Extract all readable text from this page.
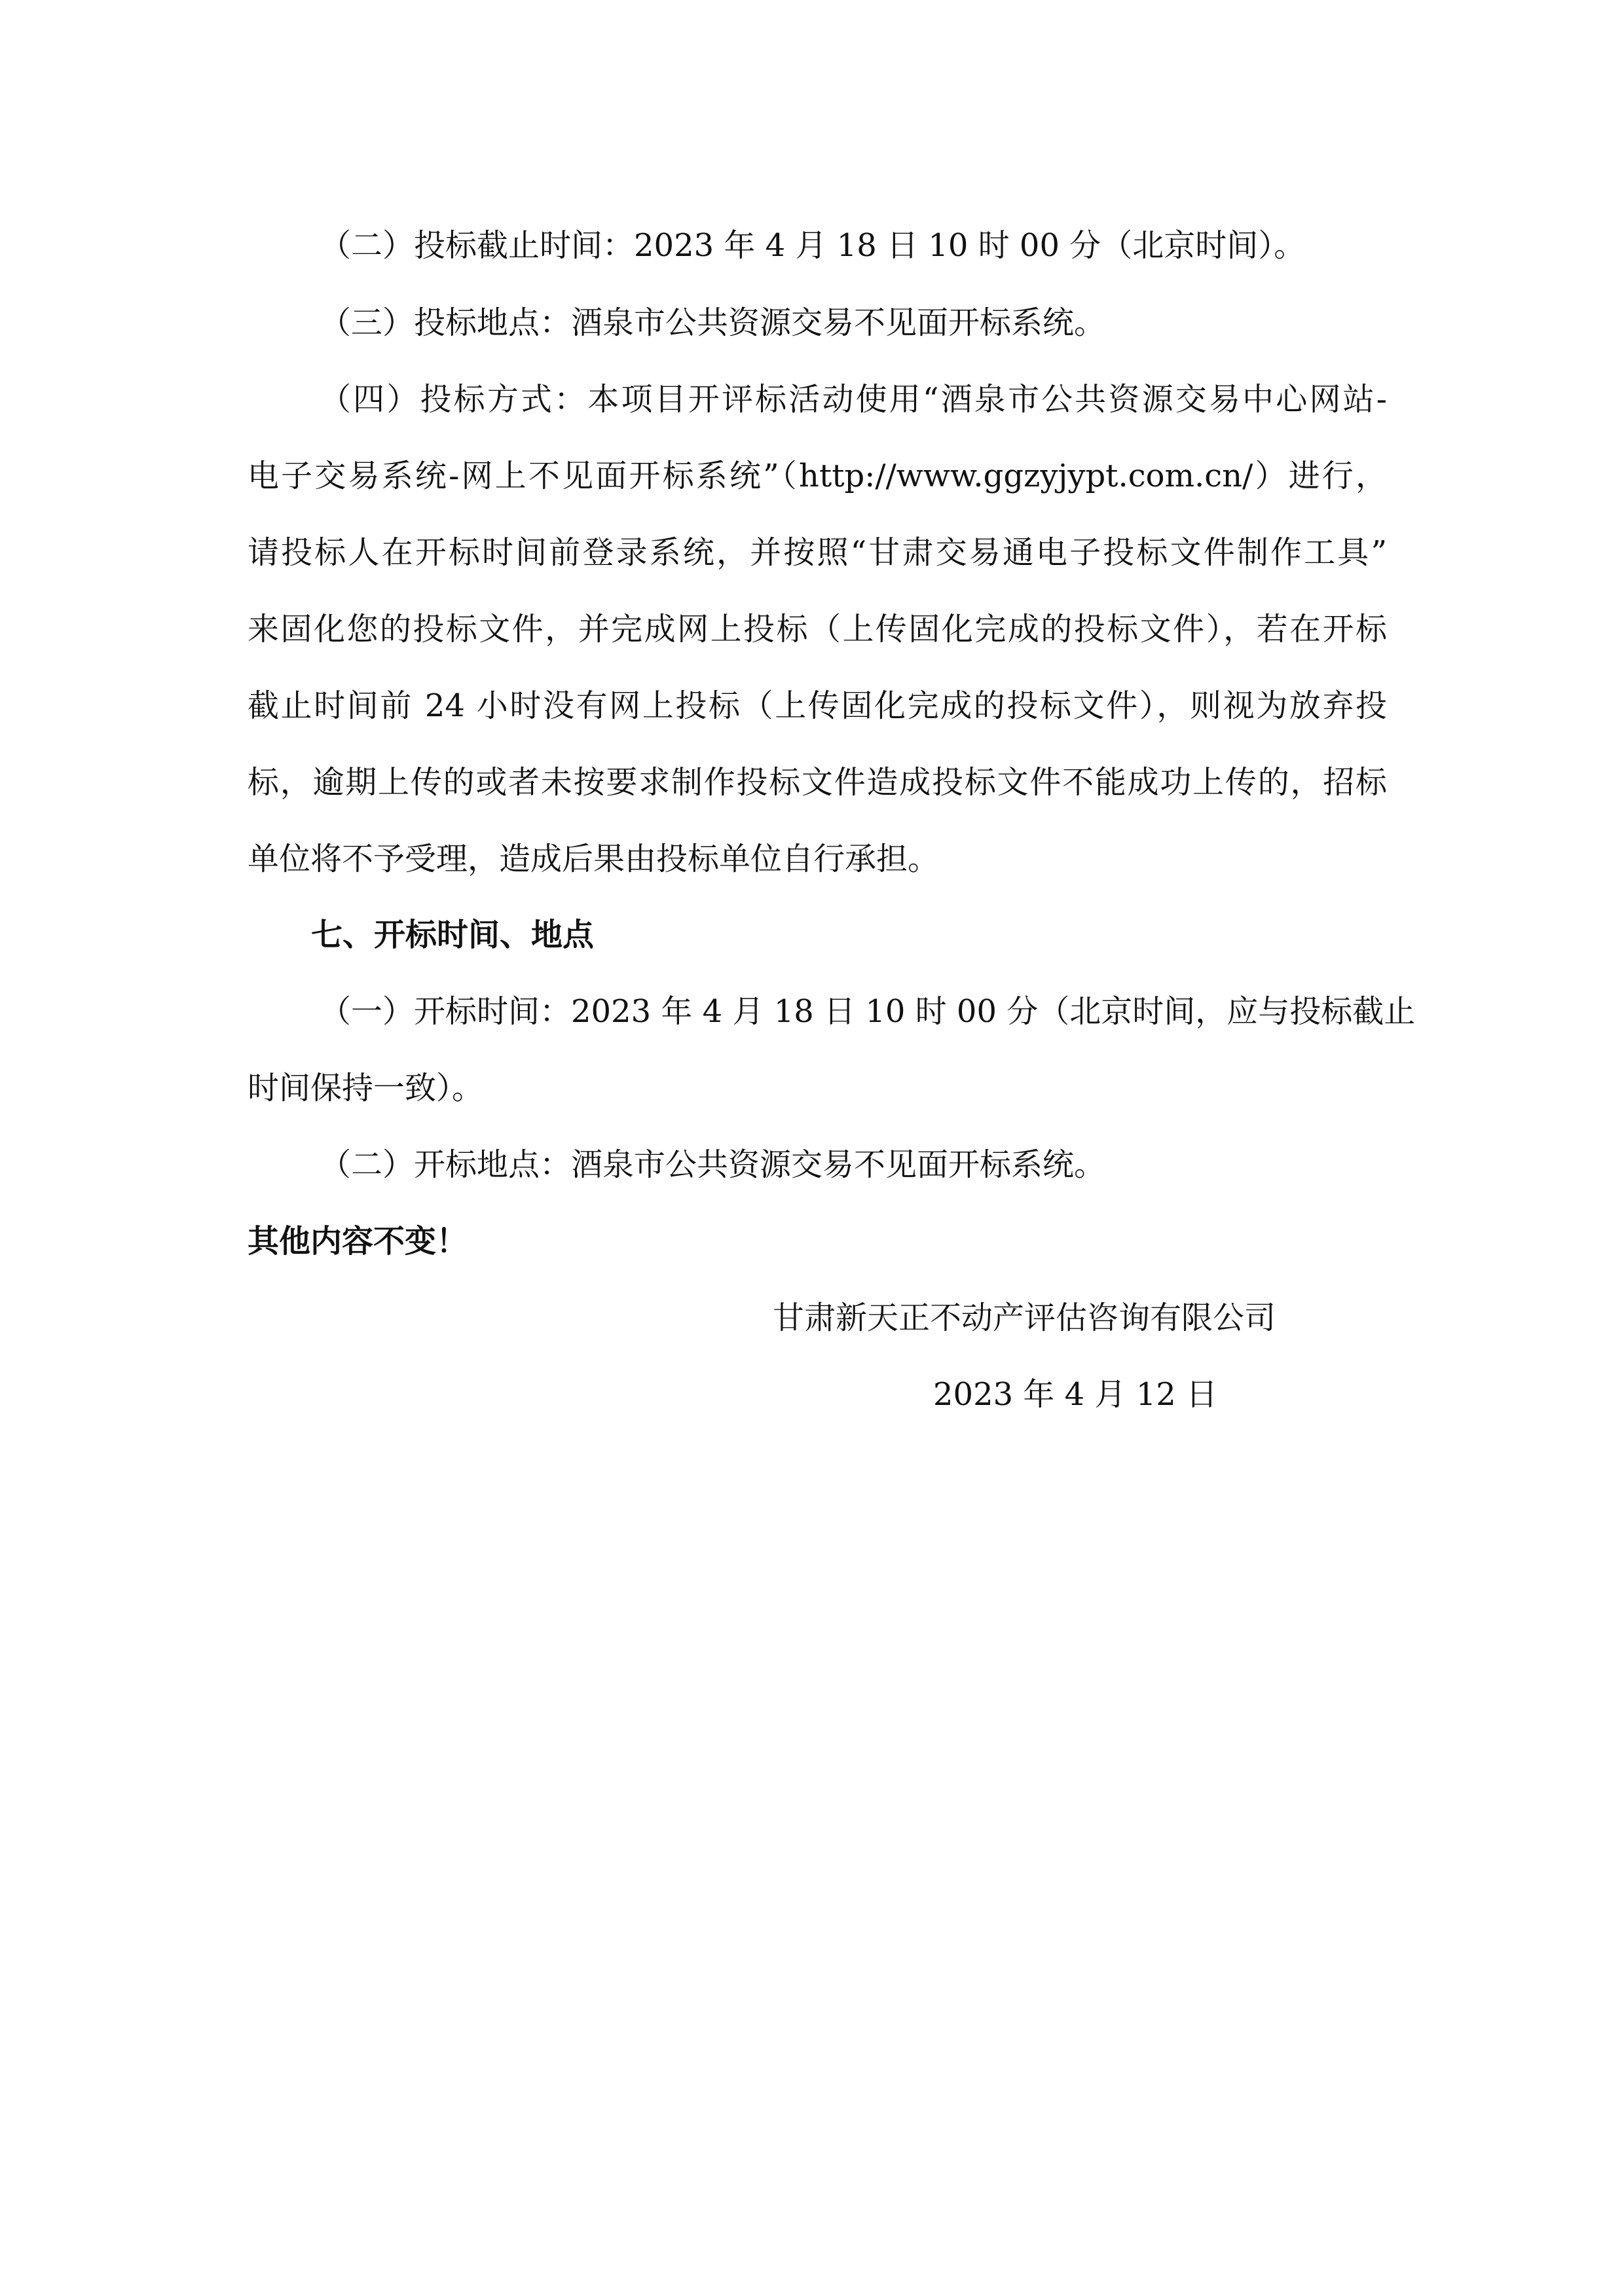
（二）投标截止时间：2023 年 4 月 18 日 10 时 00 分（北京时间）。
（三）投标地点：酒泉市公共资源交易不见面开标系统。
（四）投标方式：本项目开评标活动使用“酒泉市公共资源交易中心网站-
电子交易系统-网上不见面开标系统”（http://www.ggzyjypt.com.cn/）进行，
请投标人在开标时间前登录系统，并按照“甘肃交易通电子投标文件制作工具”
来固化您的投标文件，并完成网上投标（上传固化完成的投标文件），若在开标
截止时间前 24 小时没有网上投标（上传固化完成的投标文件），则视为放弃投
标，逾期上传的或者未按要求制作投标文件造成投标文件不能成功上传的，招标
单位将不予受理，造成后果由投标单位自行承担。
七、开标时间、地点
（一）开标时间：2023 年 4 月 18 日 10 时 00 分（北京时间，应与投标截止
时间保持一致）。
（二）开标地点：酒泉市公共资源交易不见面开标系统。
其他内容不变！
甘肃新天正不动产评估咨询有限公司
2023 年 4 月 12 日
